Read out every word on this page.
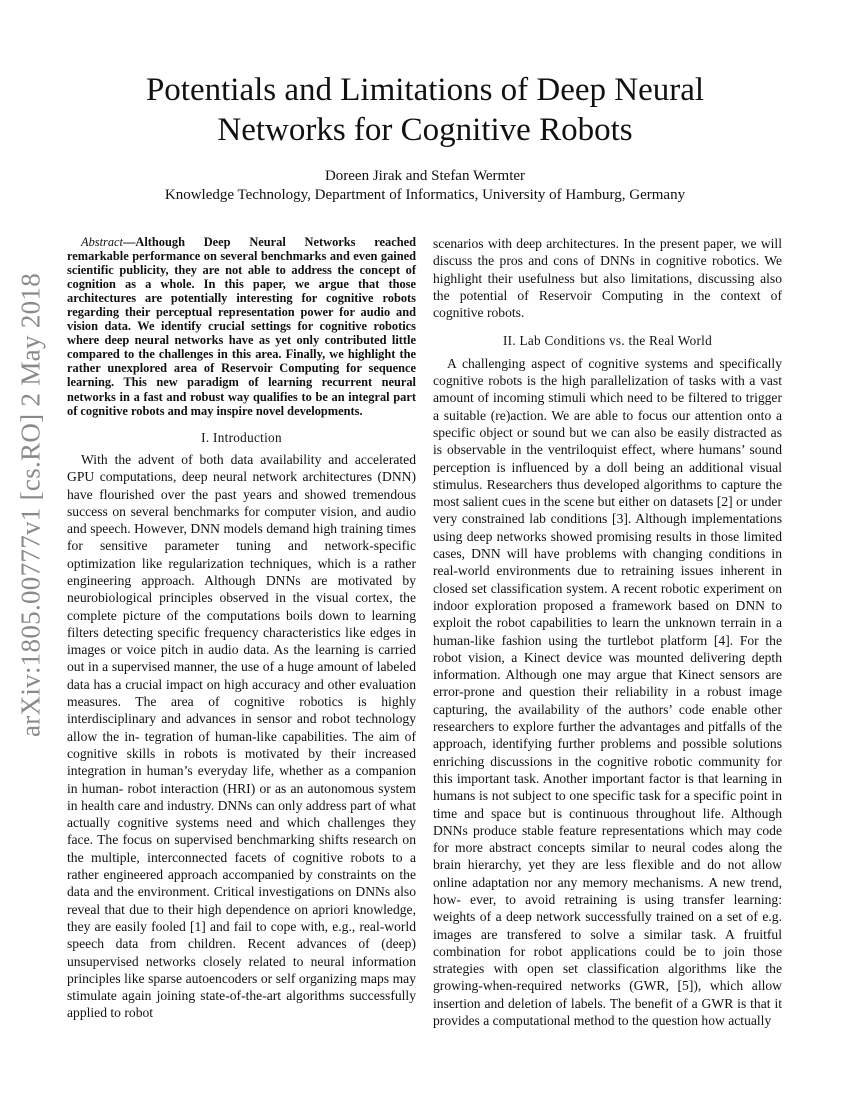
arXiv:1805.00777v1 [cs.RO] 2 May 2018
Potentials and Limitations of Deep Neural
Networks for Cognitive Robots
Doreen Jirak and Stefan Wermter
Knowledge Technology, Department of Informatics, University of Hamburg, Germany

Abstract—Although Deep Neural Networks reached remarkable performance on several benchmarks and even gained scientific publicity, they are not able to address the concept of cognition as a whole. In this paper, we argue that those architectures are potentially interesting for cognitive robots regarding their perceptual representation power for audio and vision data. We identify crucial settings for cognitive robotics where deep neural networks have as yet only contributed little compared to the challenges in this area. Finally, we highlight the rather unexplored area of Reservoir Computing for sequence learning. This new paradigm of learning recurrent neural networks in a fast and robust way qualifies to be an integral part of cognitive robots and may inspire novel developments.

I. Introduction

With the advent of both data availability and accelerated GPU computations, deep neural network architectures (DNN) have flourished over the past years and showed tremendous success on several benchmarks for computer vision, and audio and speech. However, DNN models demand high training times for sensitive parameter tuning and network-specific optimization like regularization techniques, which is a rather engineering approach. Although DNNs are motivated by neurobiological principles observed in the visual cortex, the complete picture of the computations boils down to learning filters detecting specific frequency characteristics like edges in images or voice pitch in audio data. As the learning is carried out in a supervised manner, the use of a huge amount of labeled data has a crucial impact on high accuracy and other evaluation measures. The area of cognitive robotics is highly interdisciplinary and advances in sensor and robot technology allow the in- tegration of human-like capabilities. The aim of cognitive skills in robots is motivated by their increased integration in human’s everyday life, whether as a companion in human- robot interaction (HRI) or as an autonomous system in health care and industry. DNNs can only address part of what actually cognitive systems need and which challenges they face. The focus on supervised benchmarking shifts research on the multiple, interconnected facets of cognitive robots to a rather engineered approach accompanied by constraints on the data and the environment. Critical investigations on DNNs also reveal that due to their high dependence on apriori knowledge, they are easily fooled [1] and fail to cope with, e.g., real-world speech data from children. Recent advances of (deep) unsupervised networks closely related to neural information principles like sparse autoencoders or self organizing maps may stimulate again joining state-of-the-art algorithms successfully applied to robot

scenarios with deep architectures. In the present paper, we will discuss the pros and cons of DNNs in cognitive robotics. We highlight their usefulness but also limitations, discussing also the potential of Reservoir Computing in the context of cognitive robots.

II. Lab Conditions vs. the Real World

A challenging aspect of cognitive systems and specifically cognitive robots is the high parallelization of tasks with a vast amount of incoming stimuli which need to be filtered to trigger a suitable (re)action. We are able to focus our attention onto a specific object or sound but we can also be easily distracted as is observable in the ventriloquist effect, where humans’ sound perception is influenced by a doll being an additional visual stimulus. Researchers thus developed algorithms to capture the most salient cues in the scene but either on datasets [2] or under very constrained lab conditions [3]. Although implementations using deep networks showed promising results in those limited cases, DNN will have problems with changing conditions in real-world environments due to retraining issues inherent in closed set classification system. A recent robotic experiment on indoor exploration proposed a framework based on DNN to exploit the robot capabilities to learn the unknown terrain in a human-like fashion using the turtlebot platform [4]. For the robot vision, a Kinect device was mounted delivering depth information. Although one may argue that Kinect sensors are error-prone and question their reliability in a robust image capturing, the availability of the authors’ code enable other researchers to explore further the advantages and pitfalls of the approach, identifying further problems and possible solutions enriching discussions in the cognitive robotic community for this important task. Another important factor is that learning in humans is not subject to one specific task for a specific point in time and space but is continuous throughout life. Although DNNs produce stable feature representations which may code for more abstract concepts similar to neural codes along the brain hierarchy, yet they are less flexible and do not allow online adaptation nor any memory mechanisms. A new trend, how- ever, to avoid retraining is using transfer learning: weights of a deep network successfully trained on a set of e.g. images are transfered to solve a similar task. A fruitful combination for robot applications could be to join those strategies with open set classification algorithms like the growing-when-required networks (GWR, [5]), which allow insertion and deletion of labels. The benefit of a GWR is that it provides a computational method to the question how actually
